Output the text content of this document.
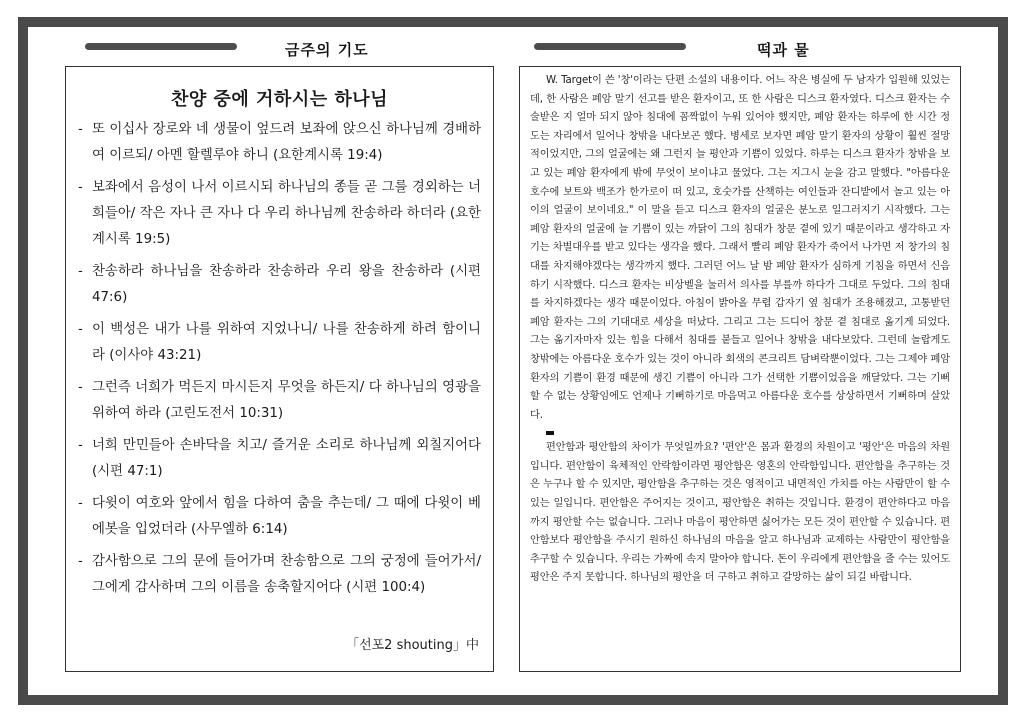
금주의 기도	떡과 물
찬양 중에 거하시는 하나님

- 또 이십사 장로와 네 생물이 엎드려 보좌에 앉으신 하나님께 경배하여 이르되/ 아멘 할렐루야 하니 (요한계시록 19:4)

- 보좌에서 음성이 나서 이르시되 하나님의 종들 곧 그를 경외하는 너희들아/ 작은 자나 큰 자나 다 우리 하나님께 찬송하라 하더라 (요한계시록 19:5)

- 찬송하라 하나님을 찬송하라 찬송하라 우리 왕을 찬송하라 (시편 47:6)

- 이 백성은 내가 나를 위하여 지었나니/ 나를 찬송하게 하려 함이니라 (이사야 43:21)

- 그런즉 너희가 먹든지 마시든지 무엇을 하든지/ 다 하나님의 영광을 위하여 하라 (고린도전서 10:31)

- 너희 만민들아 손바닥을 치고/ 즐거운 소리로 하나님께 외칠지어다 (시편 47:1)

- 다윗이 여호와 앞에서 힘을 다하여 춤을 추는데/ 그 때에 다윗이 베 에봇을 입었더라 (사무엘하 6:14)

- 감사함으로 그의 문에 들어가며 찬송함으로 그의 궁정에 들어가서/ 그에게 감사하며 그의 이름을 송축할지어다 (시편 100:4)

「선포2 shouting」中

W. Target이 쓴 '창'이라는 단편 소설의 내용이다. 어느 작은 병실에 두 남자가 입원해 있었는데, 한 사람은 폐암 말기 선고를 받은 환자이고, 또 한 사람은 디스크 환자였다. 디스크 환자는 수술받은 지 얼마 되지 않아 침대에 꼼짝없이 누워 있어야 했지만, 폐암 환자는 하루에 한 시간 정도는 자리에서 일어나 창밖을 내다보곤 했다. 병세로 보자면 폐암 말기 환자의 상황이 훨씬 절망적이었지만, 그의 얼굴에는 왜 그런지 늘 평안과 기쁨이 있었다. 하루는 디스크 환자가 창밖을 보고 있는 폐암 환자에게 밖에 무엇이 보이냐고 물었다. 그는 지그시 눈을 감고 말했다. "아름다운 호수에 보트와 백조가 한가로이 떠 있고, 호숫가를 산책하는 여인들과 잔디밭에서 놀고 있는 아이의 얼굴이 보이네요." 이 말을 듣고 디스크 환자의 얼굴은 분노로 일그러지기 시작했다. 그는 폐암 환자의 얼굴에 늘 기쁨이 있는 까닭이 그의 침대가 창문 곁에 있기 때문이라고 생각하고 자기는 차별대우를 받고 있다는 생각을 했다. 그래서 빨리 폐암 환자가 죽어서 나가면 저 창가의 침대를 차지해야겠다는 생각까지 했다. 그러던 어느 날 밤 폐암 환자가 심하게 기침을 하면서 신음하기 시작했다. 디스크 환자는 비상벨을 눌러서 의사를 부를까 하다가 그대로 두었다. 그의 침대를 차지하겠다는 생각 때문이었다. 아침이 밝아올 무렵 갑자기 옆 침대가 조용해졌고, 고통받던 폐암 환자는 그의 기대대로 세상을 떠났다. 그리고 그는 드디어 창문 곁 침대로 옮기게 되었다. 그는 옮기자마자 있는 힘을 다해서 침대를 붙들고 일어나 창밖을 내다보았다. 그런데 놀랍게도 창밖에는 아름다운 호수가 있는 것이 아니라 회색의 콘크리트 담벼락뿐이었다. 그는 그제야 폐암 환자의 기쁨이 환경 때문에 생긴 기쁨이 아니라 그가 선택한 기쁨이었음을 깨달았다. 그는 기뻐할 수 없는 상황임에도 언제나 기뻐하기로 마음먹고 아름다운 호수를 상상하면서 기뻐하며 살았다.

편안함과 평안함의 차이가 무엇일까요? '편안'은 몸과 환경의 차원이고 '평안'은 마음의 차원입니다. 편안함이 육체적인 안락함이라면 평안함은 영혼의 안락함입니다. 편안함을 추구하는 것은 누구나 할 수 있지만, 평안함을 추구하는 것은 영적이고 내면적인 가치를 아는 사람만이 할 수 있는 일입니다. 편안함은 주어지는 것이고, 평안함은 취하는 것입니다. 환경이 편안하다고 마음 까지 평안할 수는 없습니다. 그러나 마음이 평안하면 싫어가는 모든 것이 편안할 수 있습니다. 편안함보다 평안함을 주시기 원하신 하나님의 마음을 알고 하나님과 교제하는 사람만이 평안함을 추구할 수 있습니다. 우리는 가짜에 속지 말아야 합니다. 돈이 우리에게 편안함을 줄 수는 있어도 평안은 주지 못합니다. 하나님의 평안을 더 구하고 취하고 갈망하는 삶이 되길 바랍니다.
